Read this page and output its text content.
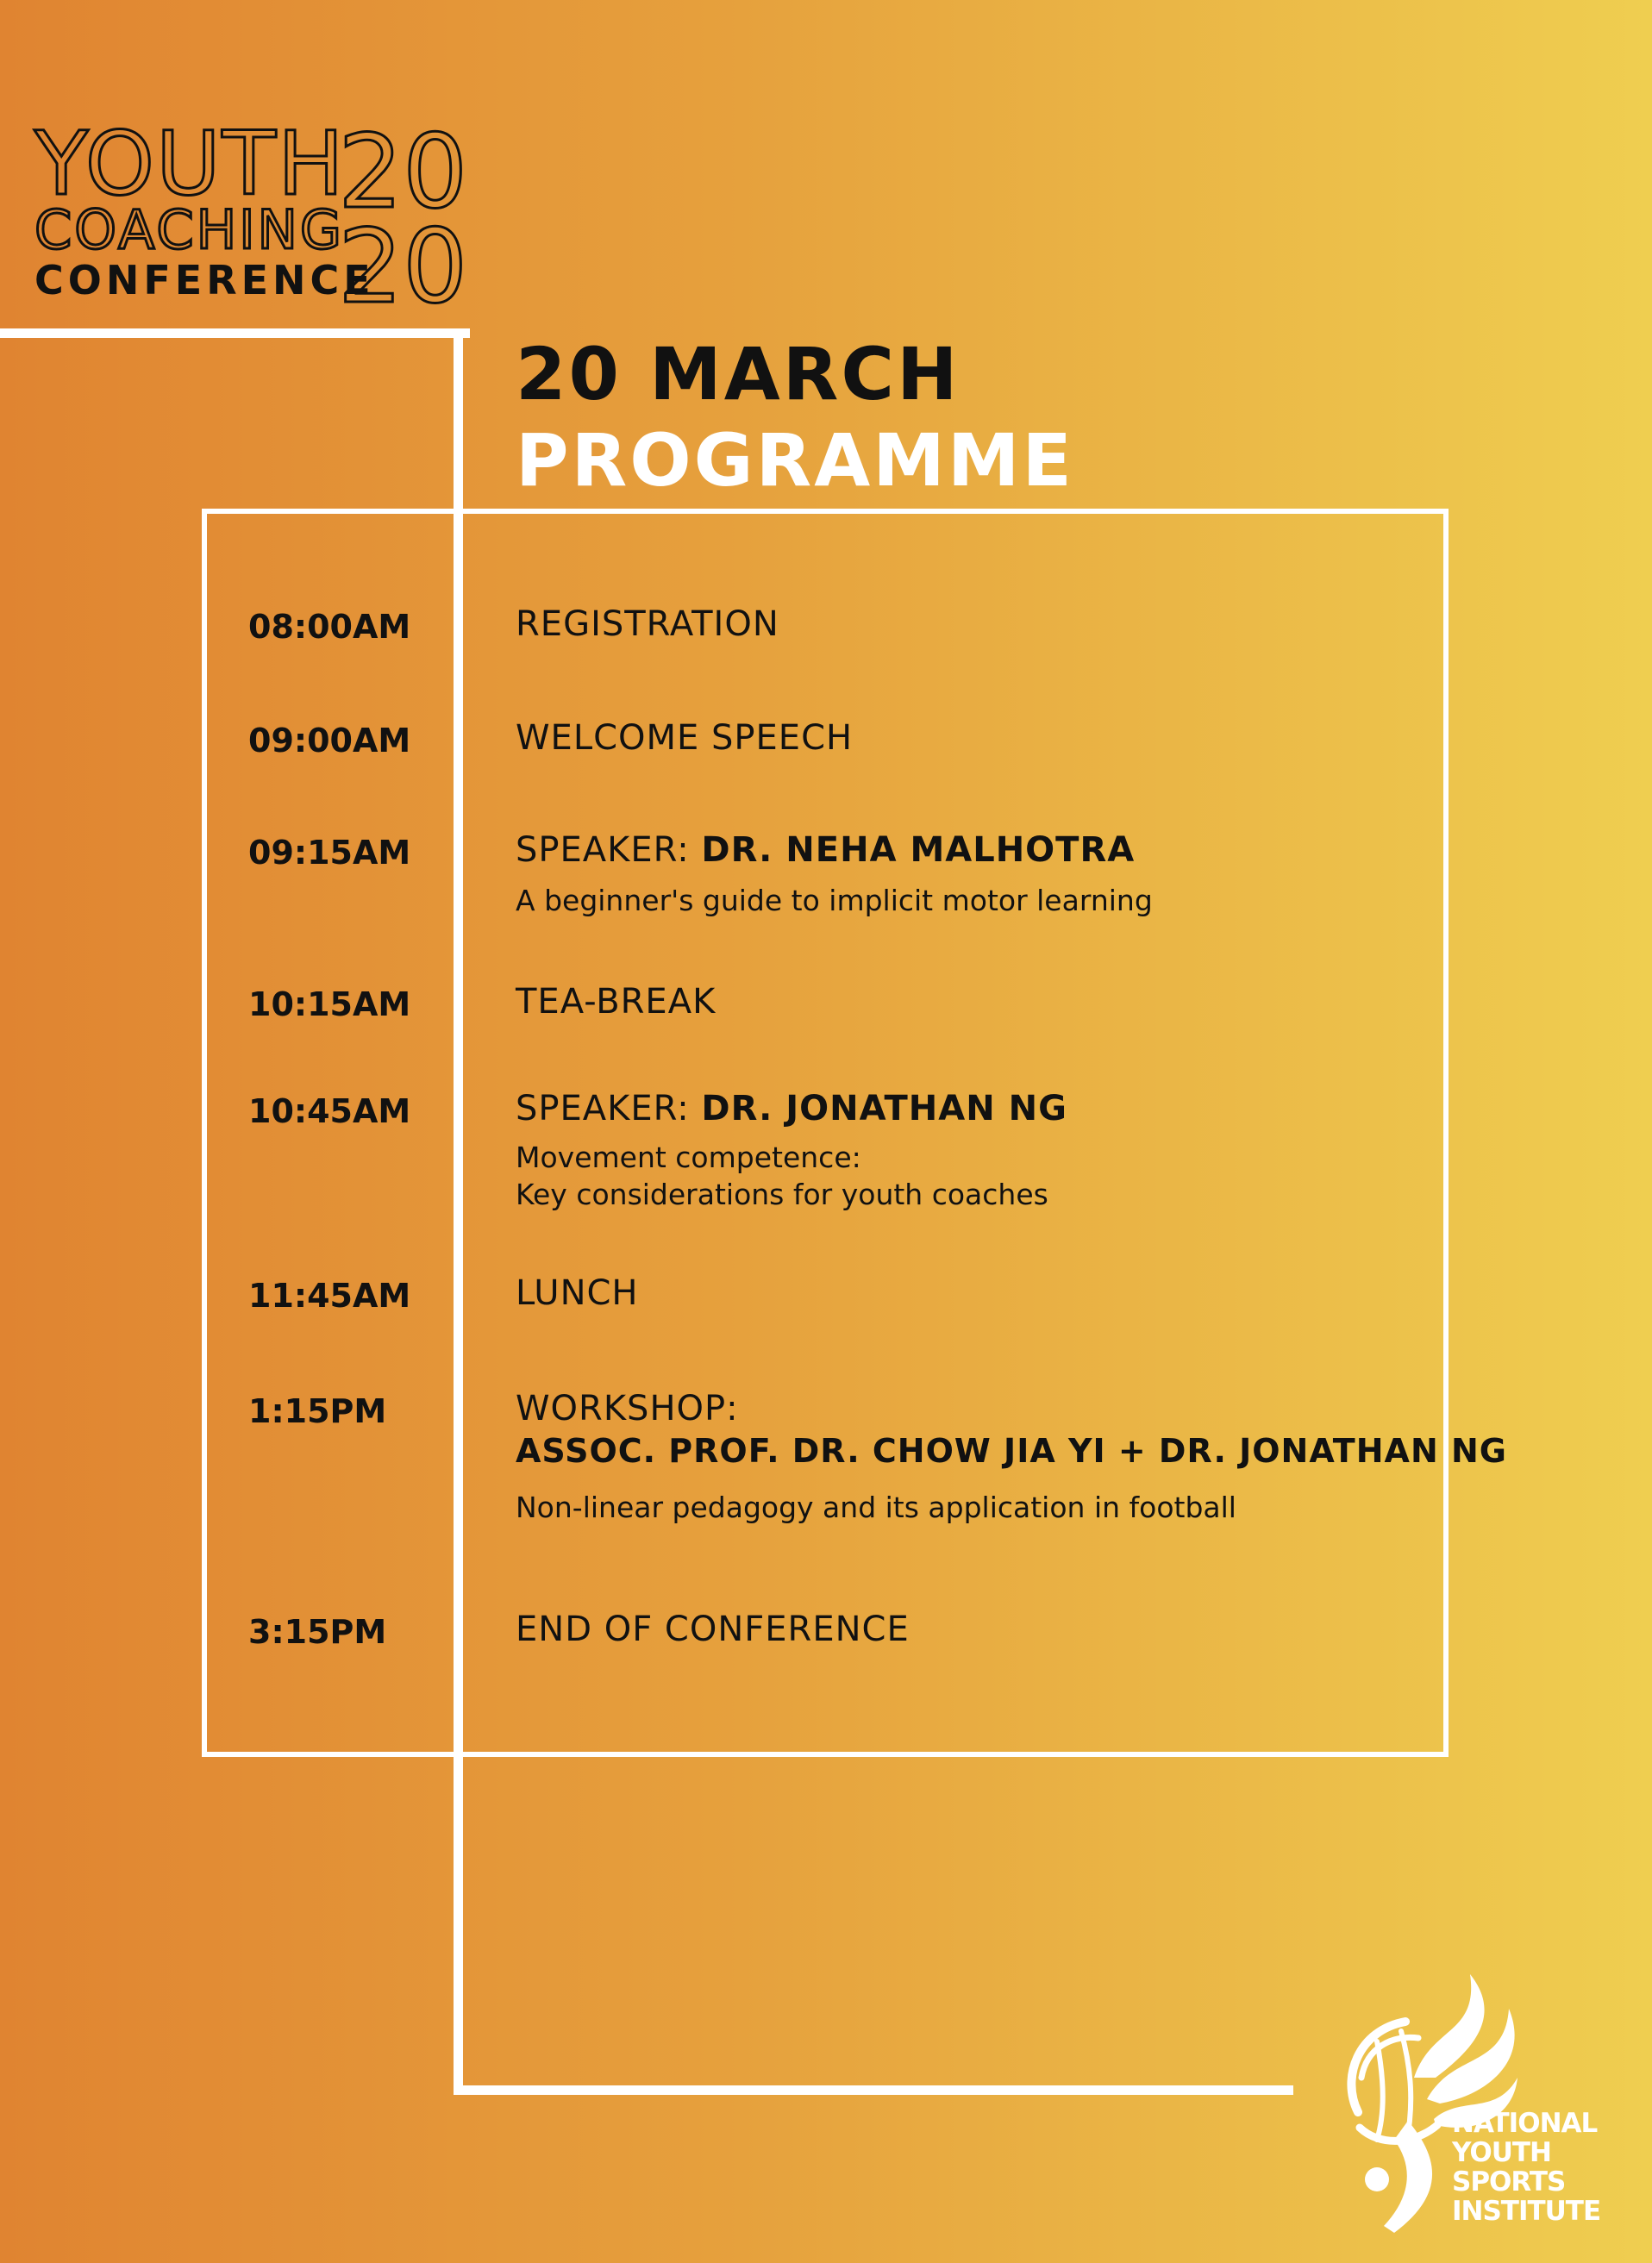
YOUTH
COACHING
CONFERENCE
20
20
20 MARCH
PROGRAMME
08:00AM	REGISTRATION
09:00AM	WELCOME SPEECH
09:15AM	SPEAKER: DR. NEHA MALHOTRA
A beginner's guide to implicit motor learning
10:15AM	TEA-BREAK
10:45AM	SPEAKER: DR. JONATHAN NG
Movement competence:
Key considerations for youth coaches
11:45AM	LUNCH
1:15PM	WORKSHOP:
ASSOC. PROF. DR. CHOW JIA YI + DR. JONATHAN NG
Non-linear pedagogy and its application in football
3:15PM	END OF CONFERENCE
NATIONAL
YOUTH
SPORTS
INSTITUTE
